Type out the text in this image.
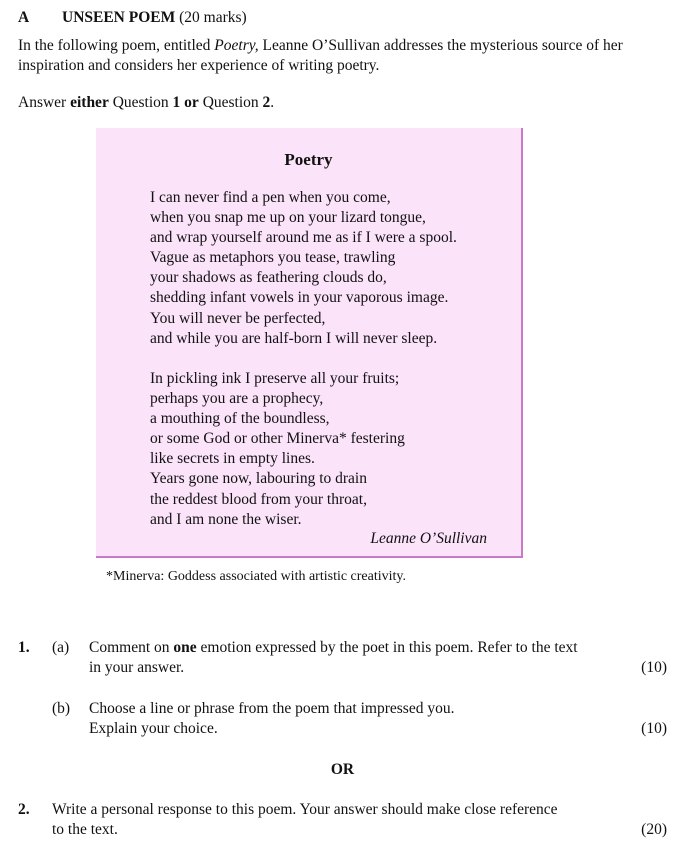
A UNSEEN POEM (20 marks)
In the following poem, entitled Poetry, Leanne O’Sullivan addresses the mysterious source of her inspiration and considers her experience of writing poetry.
Answer either Question 1 or Question 2.
Poetry
I can never find a pen when you come,
when you snap me up on your lizard tongue,
and wrap yourself around me as if I were a spool.
Vague as metaphors you tease, trawling
your shadows as feathering clouds do,
shedding infant vowels in your vaporous image.
You will never be perfected,
and while you are half-born I will never sleep.
In pickling ink I preserve all your fruits;
perhaps you are a prophecy,
a mouthing of the boundless,
or some God or other Minerva* festering
like secrets in empty lines.
Years gone now, labouring to drain
the reddest blood from your throat,
and I am none the wiser.
Leanne O’Sullivan
*Minerva: Goddess associated with artistic creativity.
1. (a) Comment on one emotion expressed by the poet in this poem. Refer to the text
in your answer.	(10)
(b) Choose a line or phrase from the poem that impressed you.
Explain your choice.	(10)
OR
2. Write a personal response to this poem. Your answer should make close reference
to the text.	(20)
